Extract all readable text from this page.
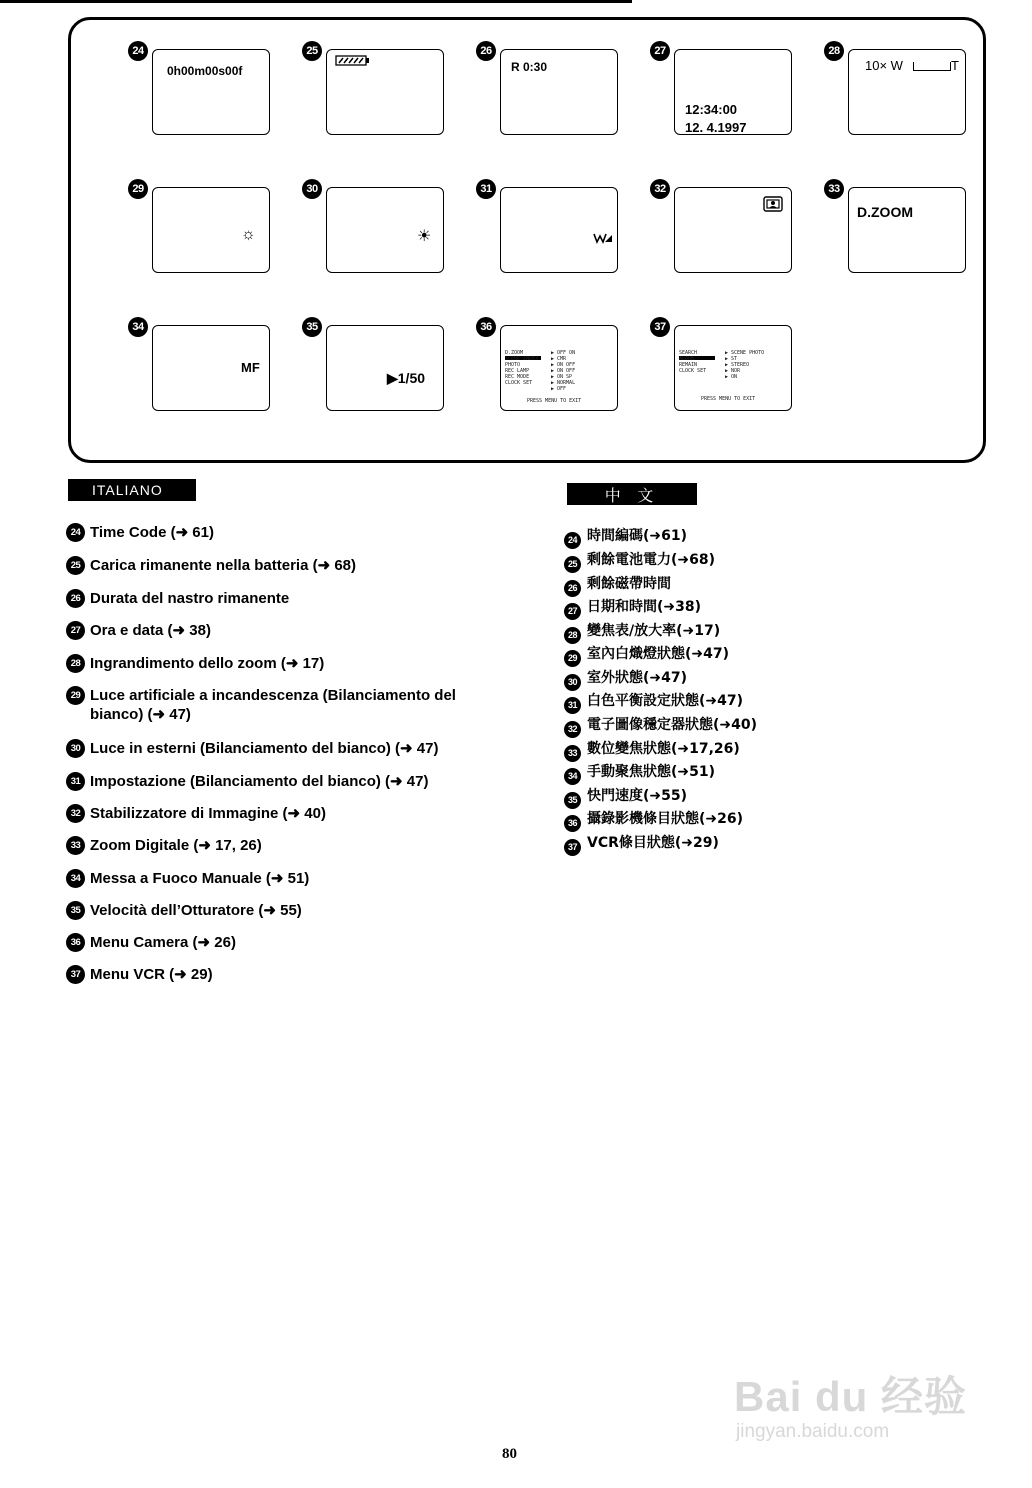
24
0h00m00s00f
25	26
R 0:30
27
12:34:00
12. 4.1997
28
10× W	T
29
☼
30
☀
31	32	33
D.ZOOM
34
MF
35
▶1/50
36
D.ZOOM
SCENE INDEX
PHOTO
REC LAMP
REC MODE
CLOCK SET
▶ OFF ON
▶ CMR
▶ ON OFF
▶ ON OFF
▶ ON SP
▶ NORMAL
▶ OFF
PRESS MENU TO EXIT
37
SEARCH
ALDUB
REMAIN
CLOCK SET
▶ SCENE PHOTO
▶ ST
▶ STEREO
▶ NOR
▶ ON
PRESS MENU TO EXIT
ITALIANO
24 Time Code (➜ 61)
25 Carica rimanente nella batteria (➜ 68)
26 Durata del nastro rimanente
27 Ora e data (➜ 38)
28 Ingrandimento dello zoom (➜ 17)
29 Luce artificiale a incandescenza (Bilanciamento del bianco) (➜ 47)
30 Luce in esterni (Bilanciamento del bianco) (➜ 47)
31 Impostazione (Bilanciamento del bianco) (➜ 47)
32 Stabilizzatore di Immagine (➜ 40)
33 Zoom Digitale (➜ 17, 26)
34 Messa a Fuoco Manuale (➜ 51)
35 Velocità dell’Otturatore (➜ 55)
36 Menu Camera (➜ 26)
37 Menu VCR (➜ 29)
中 文
24 時間編碼(➜61)
25 剩餘電池電力(➜68)
26 剩餘磁帶時間
27 日期和時間(➜38)
28 變焦表/放大率(➜17)
29 室內白熾燈狀態(➜47)
30 室外狀態(➜47)
31 白色平衡設定狀態(➜47)
32 電子圖像穩定器狀態(➜40)
33 數位變焦狀態(➜17,26)
34 手動聚焦狀態(➜51)
35 快門速度(➜55)
36 攝錄影機條目狀態(➜26)
37 VCR條目狀態(➜29)
Bai du 经验
jingyan.baidu.com
80
